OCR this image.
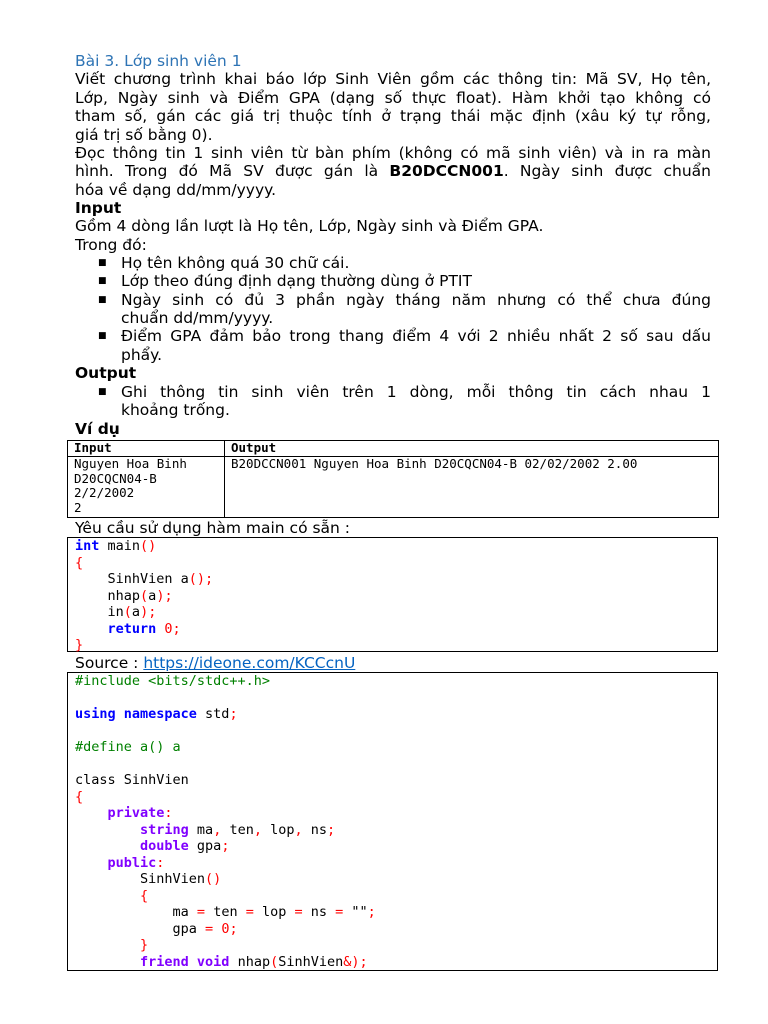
Bài 3. Lớp sinh viên 1
Viết chương trình khai báo lớp Sinh Viên gồm các thông tin: Mã SV, Họ tên,
Lớp, Ngày sinh và Điểm GPA (dạng số thực float). Hàm khởi tạo không có
tham số, gán các giá trị thuộc tính ở trạng thái mặc định (xâu ký tự rỗng,
giá trị số bằng 0).
Đọc thông tin 1 sinh viên từ bàn phím (không có mã sinh viên) và in ra màn
hình. Trong đó Mã SV được gán là B20DCCN001. Ngày sinh được chuẩn
hóa về dạng dd/mm/yyyy.
Input
Gồm 4 dòng lần lượt là Họ tên, Lớp, Ngày sinh và Điểm GPA.
Trong đó:
■ Họ tên không quá 30 chữ cái.
■ Lớp theo đúng định dạng thường dùng ở PTIT
■ Ngày sinh có đủ 3 phần ngày tháng năm nhưng có thể chưa đúng
chuẩn dd/mm/yyyy.
■ Điểm GPA đảm bảo trong thang điểm 4 với 2 nhiều nhất 2 số sau dấu
phẩy.
Output
■ Ghi thông tin sinh viên trên 1 dòng, mỗi thông tin cách nhau 1
khoảng trống.
Ví dụ
Input	Output

Nguyen Hoa Binh
D20CQCN04-B
2/2/2002
2	B20DCCN001 Nguyen Hoa Binh D20CQCN04-B 02/02/2002 2.00
Yêu cầu sử dụng hàm main có sẵn :
int main()
{
SinhVien a();
nhap(a);
in(a);
return 0;
}
Source : https://ideone.com/KCCcnU
#include <bits/stdc++.h>
using namespace std;
#define a() a
class SinhVien
{
private:
string ma, ten, lop, ns;
double gpa;
public:
SinhVien()
{
ma = ten = lop = ns = "";
gpa = 0;
}
friend void nhap(SinhVien&);
